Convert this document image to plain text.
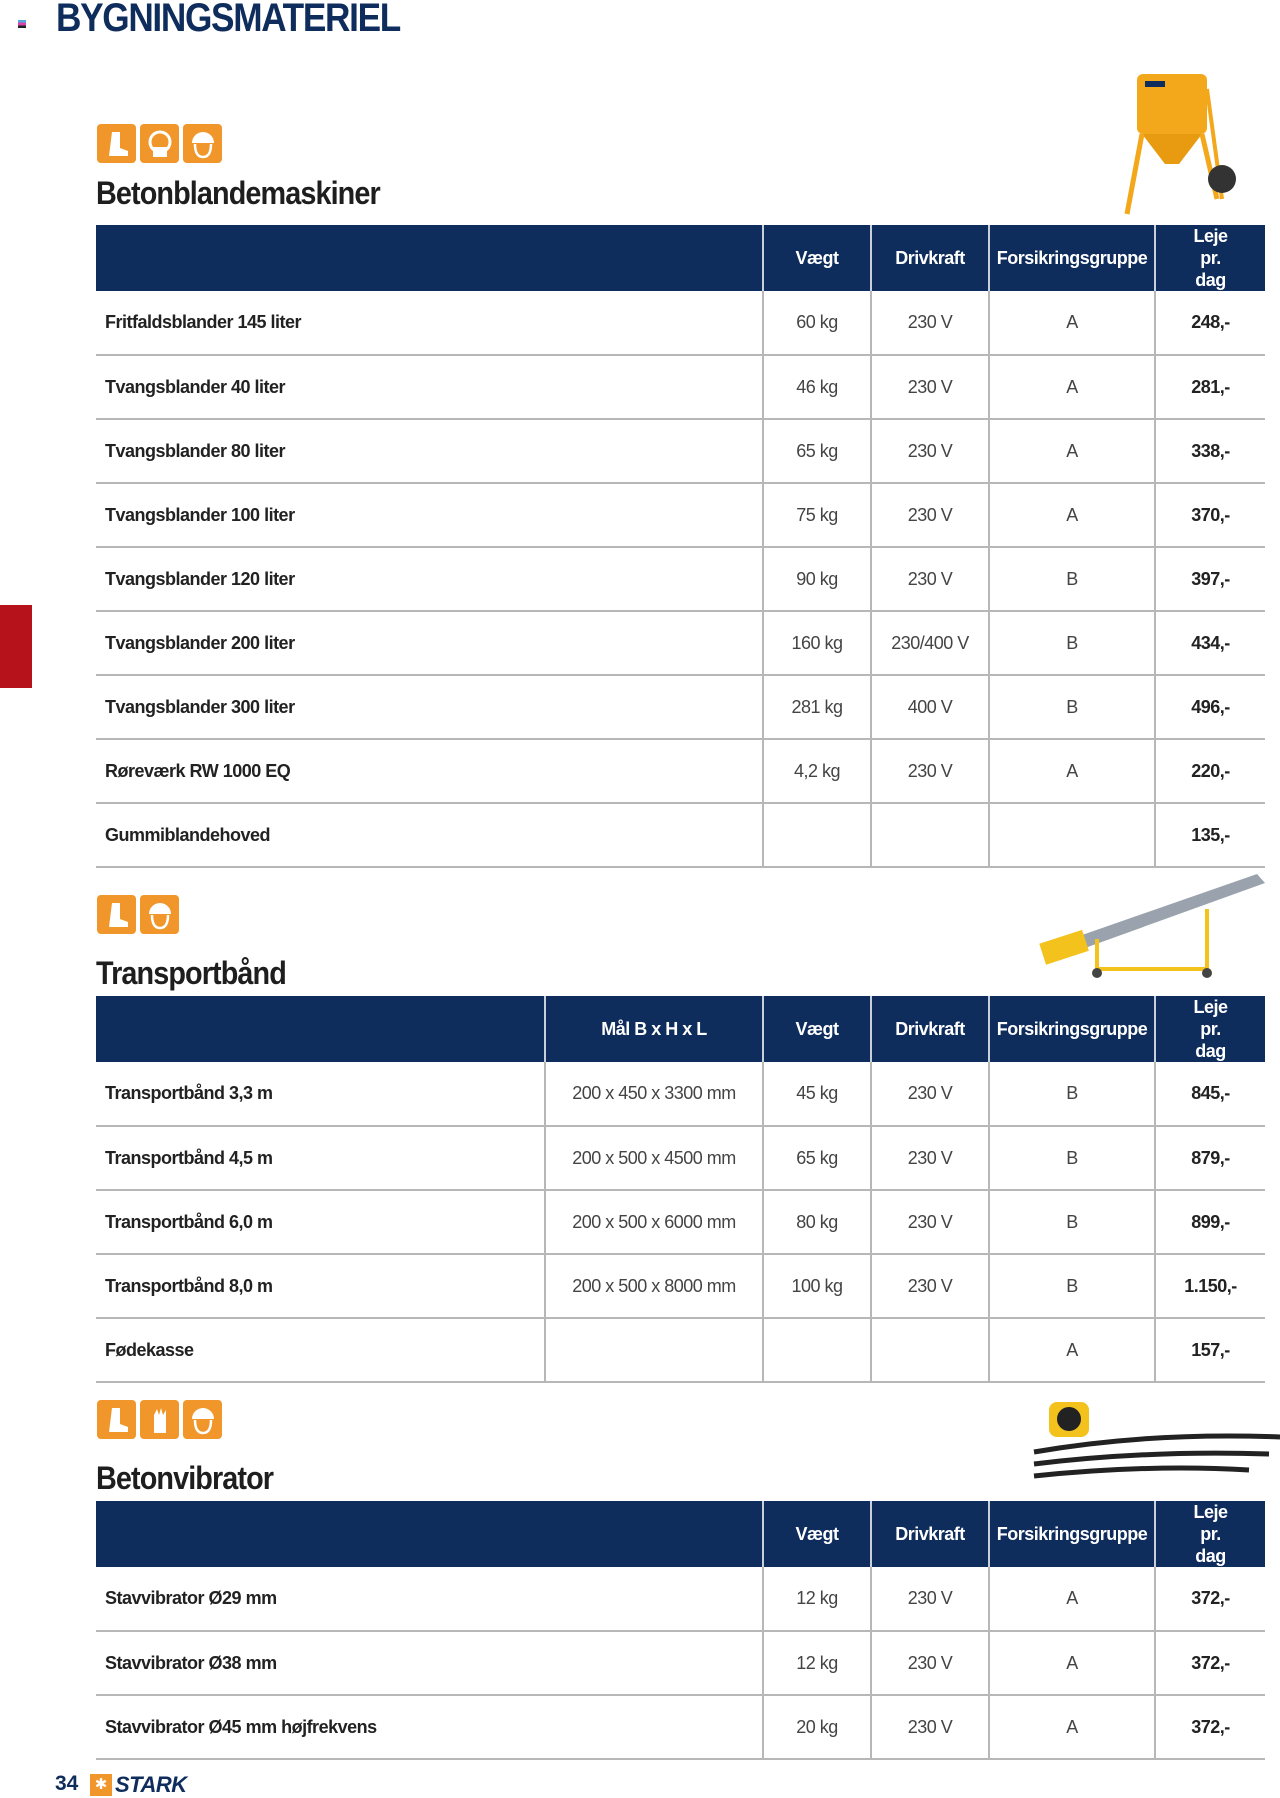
BYGNINGSMATERIEL
Betonblandemaskiner
	Vægt	Drivkraft	Forsikringsgruppe	Leje pr. dag
Fritfaldsblander 145 liter	60 kg	230 V	A	248,-
Tvangsblander 40 liter	46 kg	230 V	A	281,-
Tvangsblander 80 liter	65 kg	230 V	A	338,-
Tvangsblander 100 liter	75 kg	230 V	A	370,-
Tvangsblander 120 liter	90 kg	230 V	B	397,-
Tvangsblander 200 liter	160 kg	230/400 V	B	434,-
Tvangsblander 300 liter	281 kg	400 V	B	496,-
Røreværk RW 1000 EQ	4,2 kg	230 V	A	220,-
Gummiblandehoved				135,-
Transportbånd
	Mål B x H x L	Vægt	Drivkraft	Forsikringsgruppe	Leje pr. dag
Transportbånd 3,3 m	200 x 450 x 3300 mm	45 kg	230 V	B	845,-
Transportbånd 4,5 m	200 x 500 x 4500 mm	65 kg	230 V	B	879,-
Transportbånd 6,0 m	200 x 500 x 6000 mm	80 kg	230 V	B	899,-
Transportbånd 8,0 m	200 x 500 x 8000 mm	100 kg	230 V	B	1.150,-
Fødekasse				A	157,-
Betonvibrator
	Vægt	Drivkraft	Forsikringsgruppe	Leje pr. dag
Stavvibrator Ø29 mm	12 kg	230 V	A	372,-
Stavvibrator Ø38 mm	12 kg	230 V	A	372,-
Stavvibrator Ø45 mm højfrekvens	20 kg	230 V	A	372,-
34	✱ STARK
